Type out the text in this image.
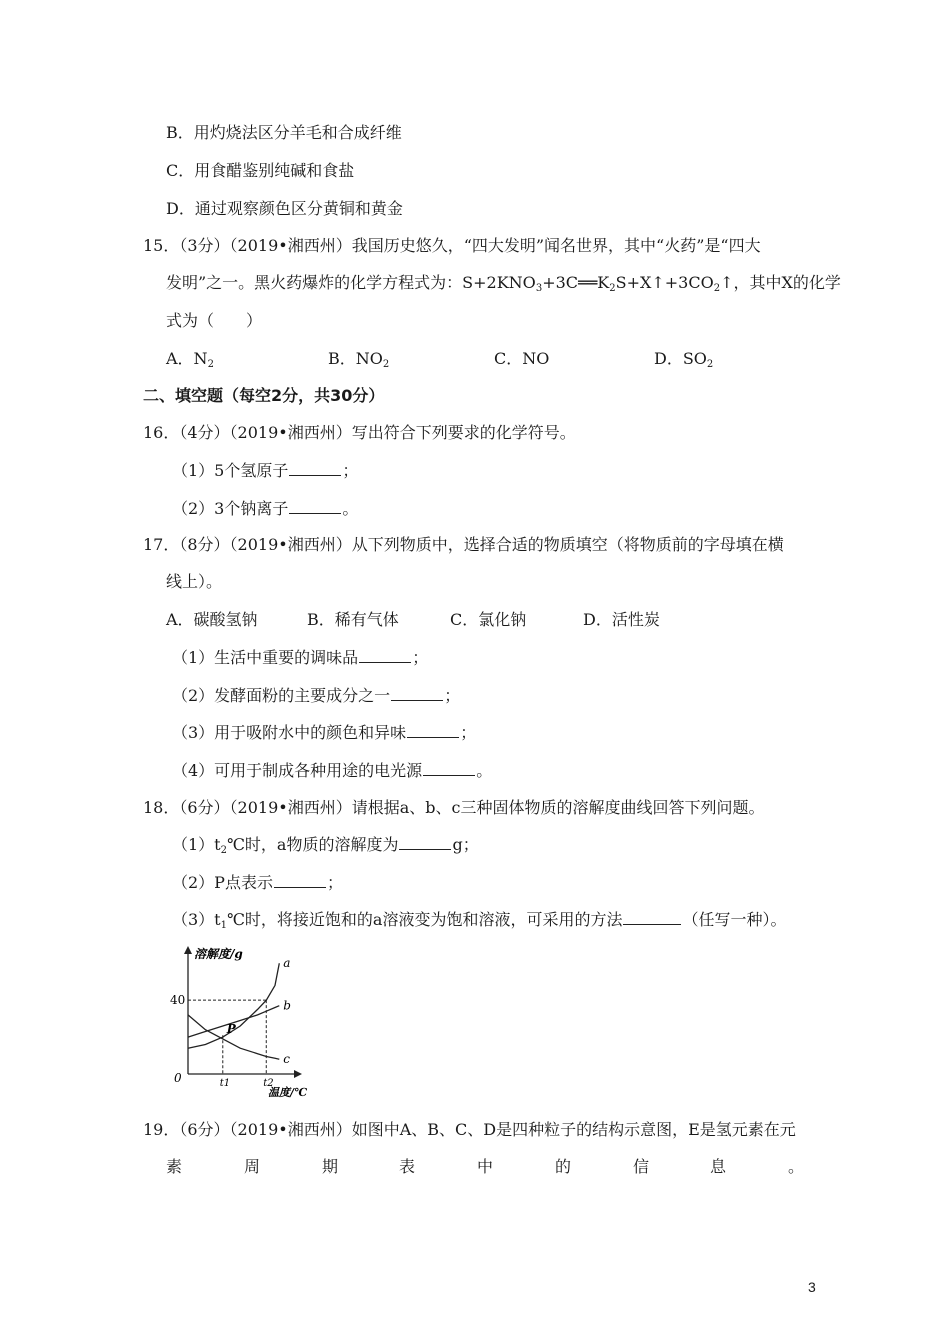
B．用灼烧法区分羊毛和合成纤维
C．用食醋鉴别纯碱和食盐
D．通过观察颜色区分黄铜和黄金
15．（3分）（2019•湘西州）我国历史悠久，“四大发明”闻名世界，其中“火药”是“四大
发明”之一。黑火药爆炸的化学方程式为：$S+2KNO_3+3C══K_2S+X↑+3CO_2↑$，其中X的化学
式为（　　）
A．$N_2$	B．$NO_2$	C．NO	D．$SO_2$
二、填空题（每空2分，共30分）
16．（4分）（2019•湘西州）写出符合下列要求的化学符号。
（1）5个氢原子	；
（2）3个钠离子	。
17．（8分）（2019•湘西州）从下列物质中，选择合适的物质填空（将物质前的字母填在横
线上）。
A．碳酸氢钠	B．稀有气体	C．氯化钠	D．活性炭
（1）生活中重要的调味品	；
（2）发酵面粉的主要成分之一	；
（3）用于吸附水中的颜色和异味	；
（4）可用于制成各种用途的电光源	。
18．（6分）（2019•湘西州）请根据a、b、c三种固体物质的溶解度曲线回答下列问题。
$(1)t_2℃$时，a物质的溶解度为	g；
（2）P点表示	；
$(3)t_1℃$时，将接近饱和的a溶液变为饱和溶液，可采用的方法	（任写一种）。
溶解度/g
温度/℃
0
40
t1	t2
a
b
c
P
19．（6分）（2019•湘西州）如图中A、B、C、D是四种粒子的结构示意图，E是氢元素在元
素	周	期	表	中	的	信	息	。
3
